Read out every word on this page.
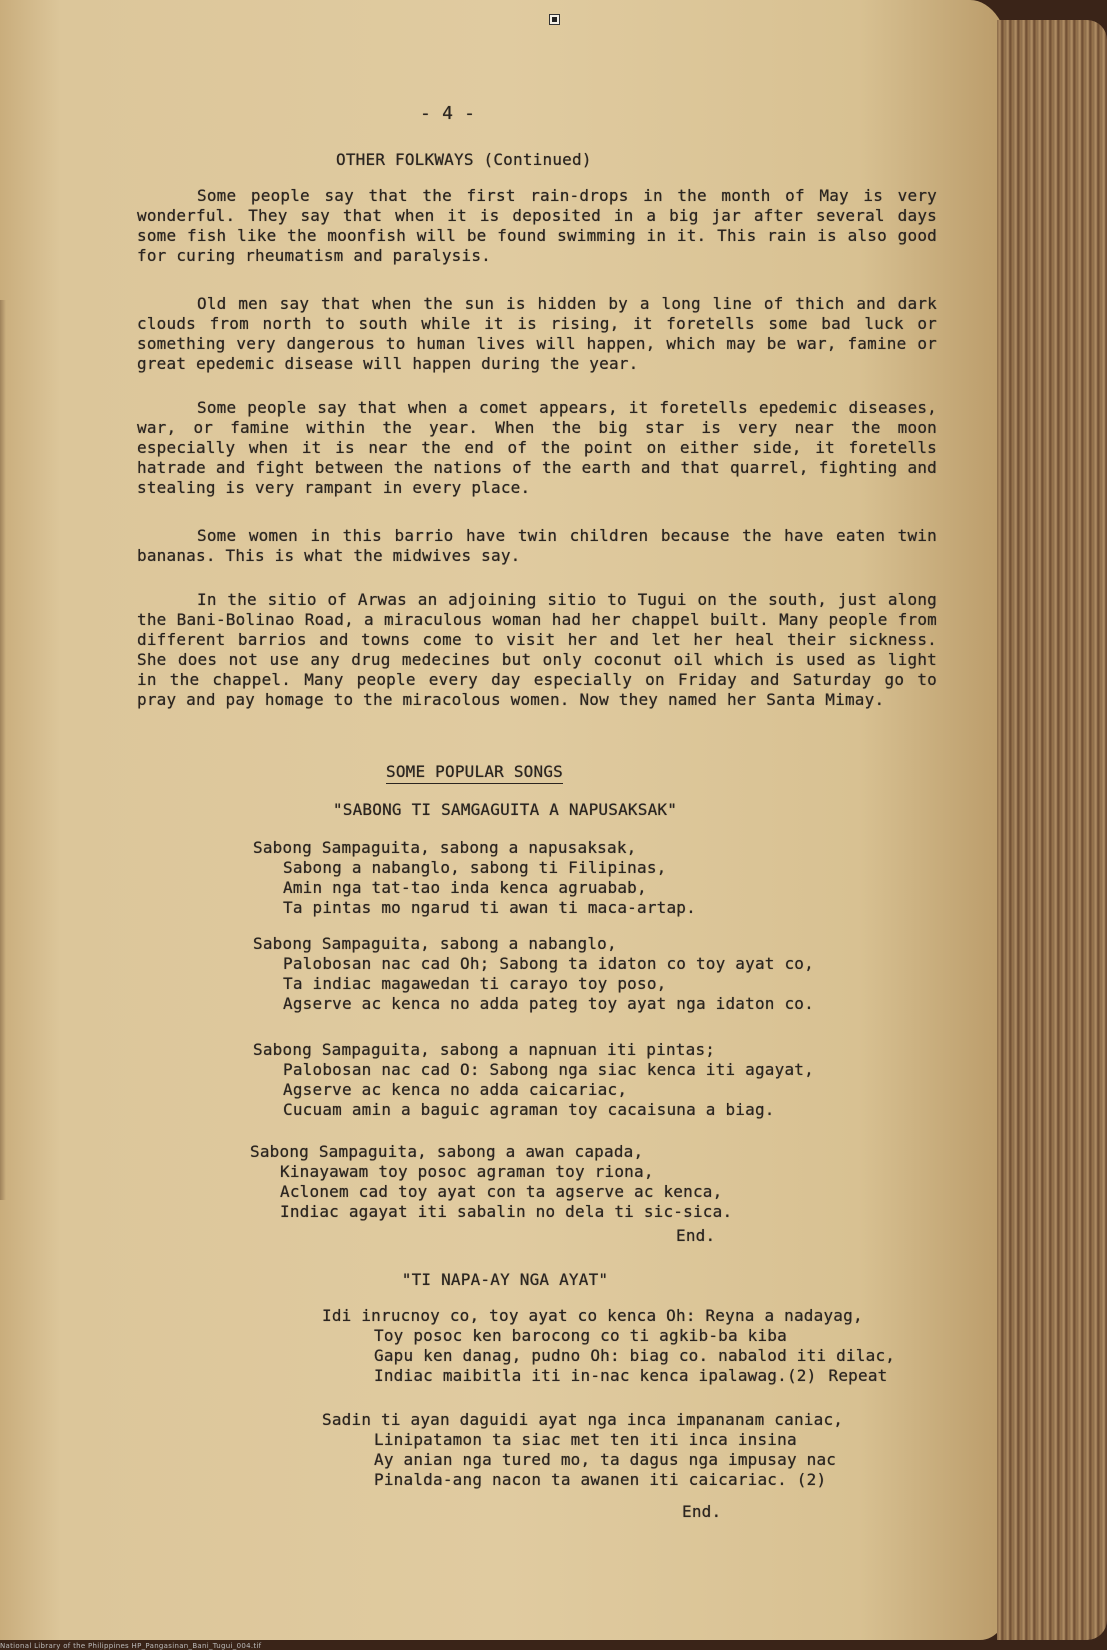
- 4 -
OTHER FOLKWAYS (Continued)

Some people say that the first rain-drops in the month of May is very wonderful. They say that when it is deposited in a big jar after several days some fish like the moonfish will be found swimming in it. This rain is also good for curing rheumatism and paralysis.

Old men say that when the sun is hidden by a long line of thich and dark clouds from north to south while it is rising, it foretells some bad luck or something very dangerous to human lives will happen, which may be war, famine or great epedemic disease will happen during the year.

Some people say that when a comet appears, it foretells epedemic diseases, war, or famine within the year. When the big star is very near the moon especially when it is near the end of the point on either side, it foretells hatrade and fight between the nations of the earth and that quarrel, fighting and stealing is very rampant in every place.

Some women in this barrio have twin children because the have eaten twin bananas. This is what the midwives say.

In the sitio of Arwas an adjoining sitio to Tugui on the south, just along the Bani-Bolinao Road, a miraculous woman had her chappel built. Many people from different barrios and towns come to visit her and let her heal their sickness. She does not use any drug medecines but only coconut oil which is used as light in the chappel. Many people every day especially on Friday and Saturday go to pray and pay homage to the miracolous women. Now they named her Santa Mimay.

SOME POPULAR SONGS
"SABONG TI SAMGAGUITA A NAPUSAKSAK"
Sabong Sampaguita, sabong a napusaksak,
Sabong a nabanglo, sabong ti Filipinas,
Amin nga tat-tao inda kenca agruabab,
Ta pintas mo ngarud ti awan ti maca-artap.
Sabong Sampaguita, sabong a nabanglo,
Palobosan nac cad Oh; Sabong ta idaton co toy ayat co,
Ta indiac magawedan ti carayo toy poso,
Agserve ac kenca no adda pateg toy ayat nga idaton co.
Sabong Sampaguita, sabong a napnuan iti pintas;
Palobosan nac cad O: Sabong nga siac kenca iti agayat,
Agserve ac kenca no adda caicariac,
Cucuam amin a baguic agraman toy cacaisuna a biag.
Sabong Sampaguita, sabong a awan capada,
Kinayawam toy posoc agraman toy riona,
Aclonem cad toy ayat con ta agserve ac kenca,
Indiac agayat iti sabalin no dela ti sic-sica.
End.
"TI NAPA-AY NGA AYAT"
Idi inrucnoy co, toy ayat co kenca Oh: Reyna a nadayag,
Toy posoc ken barocong co ti agkib-ba kiba
Gapu ken danag, pudno Oh: biag co. nabalod iti dilac,
Indiac maibitla iti in-nac kenca ipalawag.(2) Repeat
Sadin ti ayan daguidi ayat nga inca impananam caniac,
Linipatamon ta siac met ten iti inca insina
Ay anian nga tured mo, ta dagus nga impusay nac
Pinalda-ang nacon ta awanen iti caicariac. (2)
End.
National Library of the Philippines HP_Pangasinan_Bani_Tugui_004.tif
